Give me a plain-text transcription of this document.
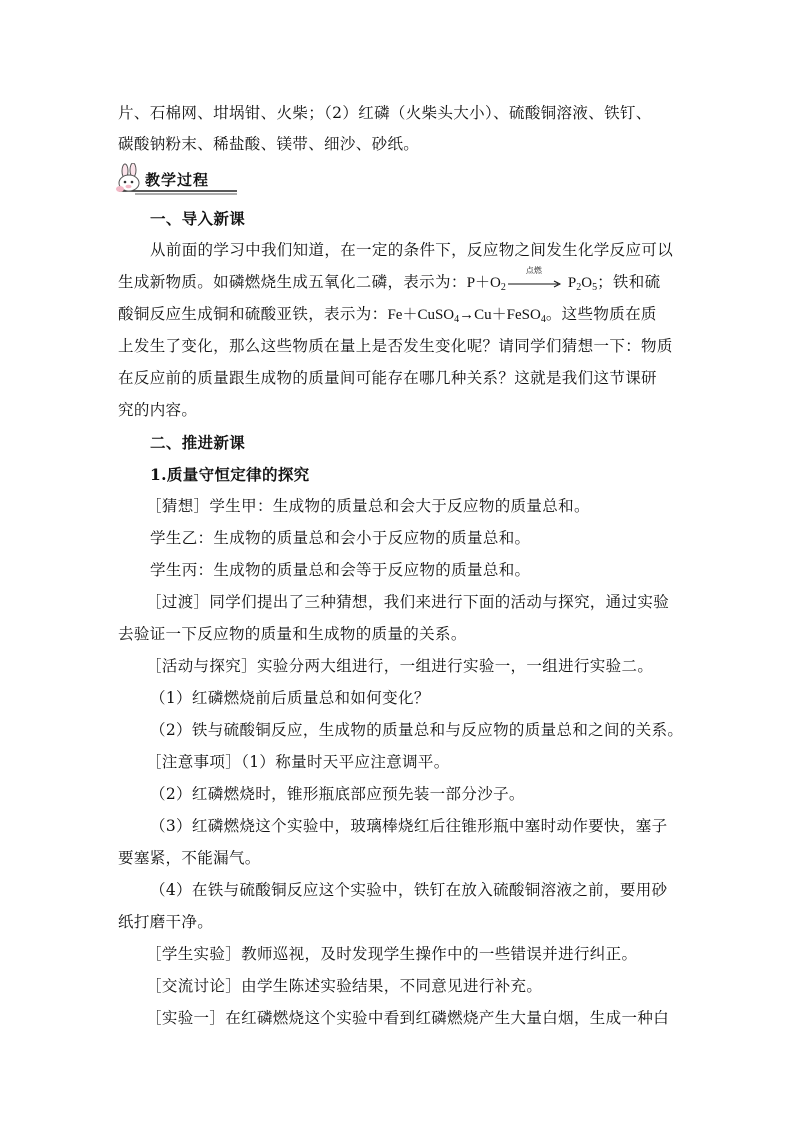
片、石棉网、坩埚钳、火柴；（2）红磷（火柴头大小）、硫酸铜溶液、铁钉、
碳酸钠粉末、稀盐酸、镁带、细沙、砂纸。
教学过程
一、导入新课
从前面的学习中我们知道，在一定的条件下，反应物之间发生化学反应可以
生成新物质。如磷燃烧生成五氧化二磷，表示为：$P+O_2$
点燃
$P_2O_5$；铁和硫
酸铜反应生成铜和硫酸亚铁，表示为：Fe＋CuSO$_4$→Cu＋FeSO$_4$。这些物质在质
上发生了变化，那么这些物质在量上是否发生变化呢？请同学们猜想一下：物质
在反应前的质量跟生成物的质量间可能存在哪几种关系？这就是我们这节课研
究的内容。
二、推进新课
1.质量守恒定律的探究
［猜想］学生甲：生成物的质量总和会大于反应物的质量总和。
学生乙：生成物的质量总和会小于反应物的质量总和。
学生丙：生成物的质量总和会等于反应物的质量总和。
［过渡］同学们提出了三种猜想，我们来进行下面的活动与探究，通过实验
去验证一下反应物的质量和生成物的质量的关系。
［活动与探究］实验分两大组进行，一组进行实验一，一组进行实验二。
（1）红磷燃烧前后质量总和如何变化？
（2）铁与硫酸铜反应，生成物的质量总和与反应物的质量总和之间的关系。
［注意事项］（1）称量时天平应注意调平。
（2）红磷燃烧时，锥形瓶底部应预先装一部分沙子。
（3）红磷燃烧这个实验中，玻璃棒烧红后往锥形瓶中塞时动作要快，塞子
要塞紧，不能漏气。
（4）在铁与硫酸铜反应这个实验中，铁钉在放入硫酸铜溶液之前，要用砂
纸打磨干净。
［学生实验］教师巡视，及时发现学生操作中的一些错误并进行纠正。
［交流讨论］由学生陈述实验结果，不同意见进行补充。
［实验一］在红磷燃烧这个实验中看到红磷燃烧产生大量白烟，生成一种白
